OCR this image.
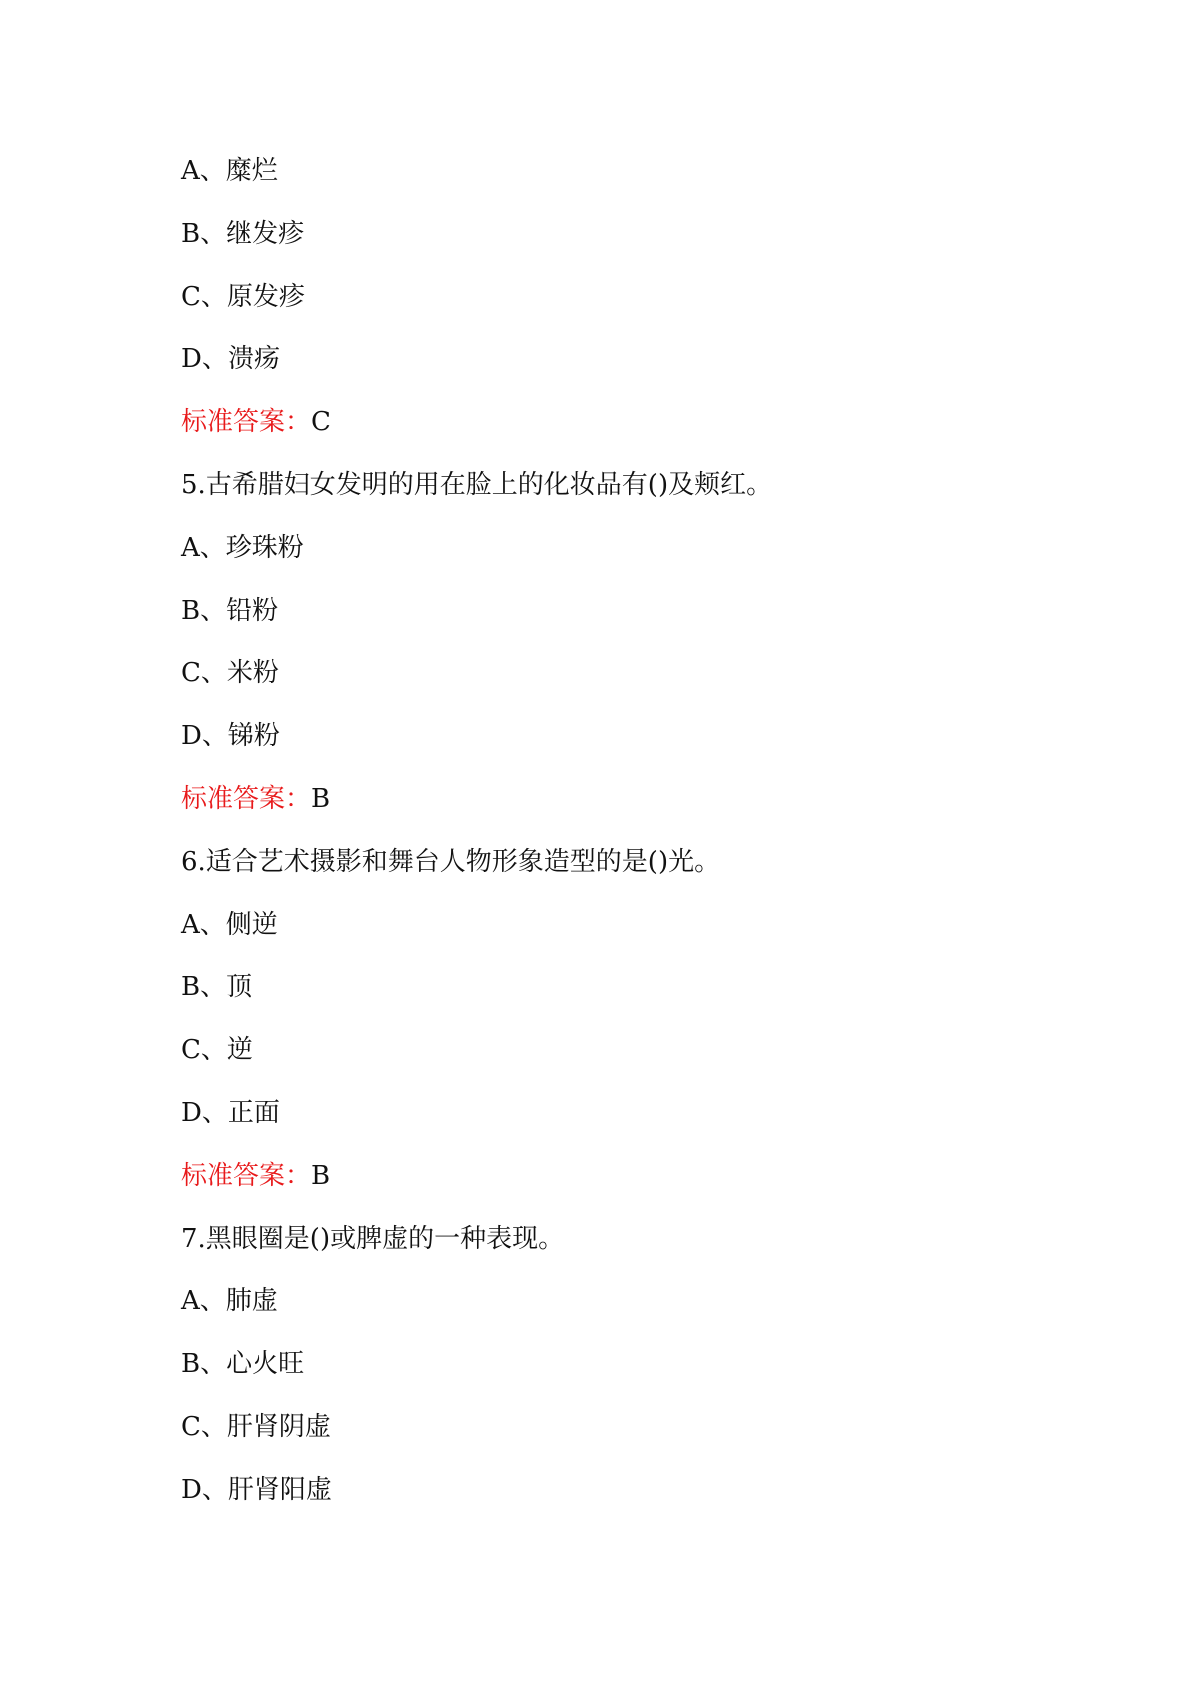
A、糜烂
B、继发疹
C、原发疹
D、溃疡
标准答案：C
5.古希腊妇女发明的用在脸上的化妆品有()及颊红。
A、珍珠粉
B、铅粉
C、米粉
D、锑粉
标准答案：B
6.适合艺术摄影和舞台人物形象造型的是()光。
A、侧逆
B、顶
C、逆
D、正面
标准答案：B
7.黑眼圈是()或脾虚的一种表现。
A、肺虚
B、心火旺
C、肝肾阴虚
D、肝肾阳虚
